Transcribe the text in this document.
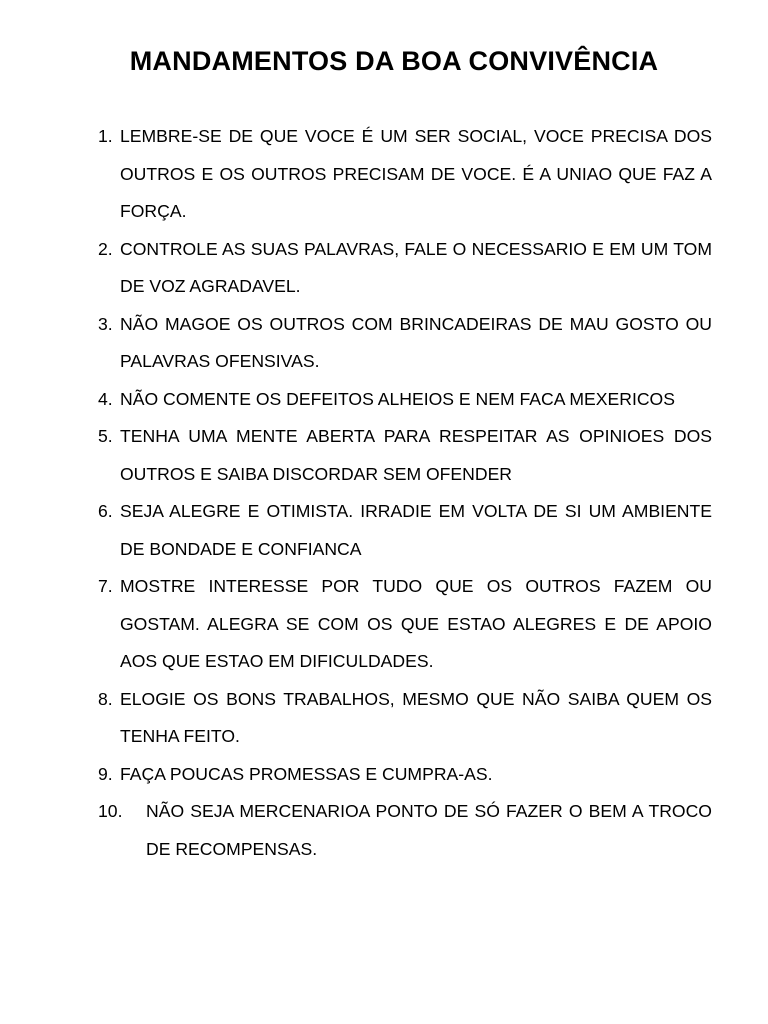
MANDAMENTOS DA BOA CONVIVÊNCIA
1. LEMBRE-SE DE QUE VOCE É UM SER SOCIAL, VOCE PRECISA DOS OUTROS E OS OUTROS PRECISAM DE VOCE. É A UNIAO QUE FAZ A FORÇA.
2. CONTROLE AS SUAS PALAVRAS, FALE O NECESSARIO E EM UM TOM DE VOZ AGRADAVEL.
3. NÃO MAGOE OS OUTROS COM BRINCADEIRAS DE MAU GOSTO OU PALAVRAS OFENSIVAS.
4. NÃO COMENTE OS DEFEITOS ALHEIOS E NEM FACA MEXERICOS
5. TENHA UMA MENTE ABERTA PARA RESPEITAR AS OPINIOES DOS OUTROS E SAIBA DISCORDAR SEM OFENDER
6. SEJA ALEGRE E OTIMISTA. IRRADIE EM VOLTA DE SI UM AMBIENTE DE BONDADE E CONFIANCA
7. MOSTRE INTERESSE POR TUDO QUE OS OUTROS FAZEM OU GOSTAM. ALEGRA SE COM OS QUE ESTAO ALEGRES E DE APOIO AOS QUE ESTAO EM DIFICULDADES.
8. ELOGIE OS BONS TRABALHOS, MESMO QUE NÃO SAIBA QUEM OS TENHA FEITO.
9. FAÇA POUCAS PROMESSAS E CUMPRA-AS.
10. NÃO SEJA MERCENARIOA PONTO DE SÓ FAZER O BEM A TROCO DE RECOMPENSAS.
